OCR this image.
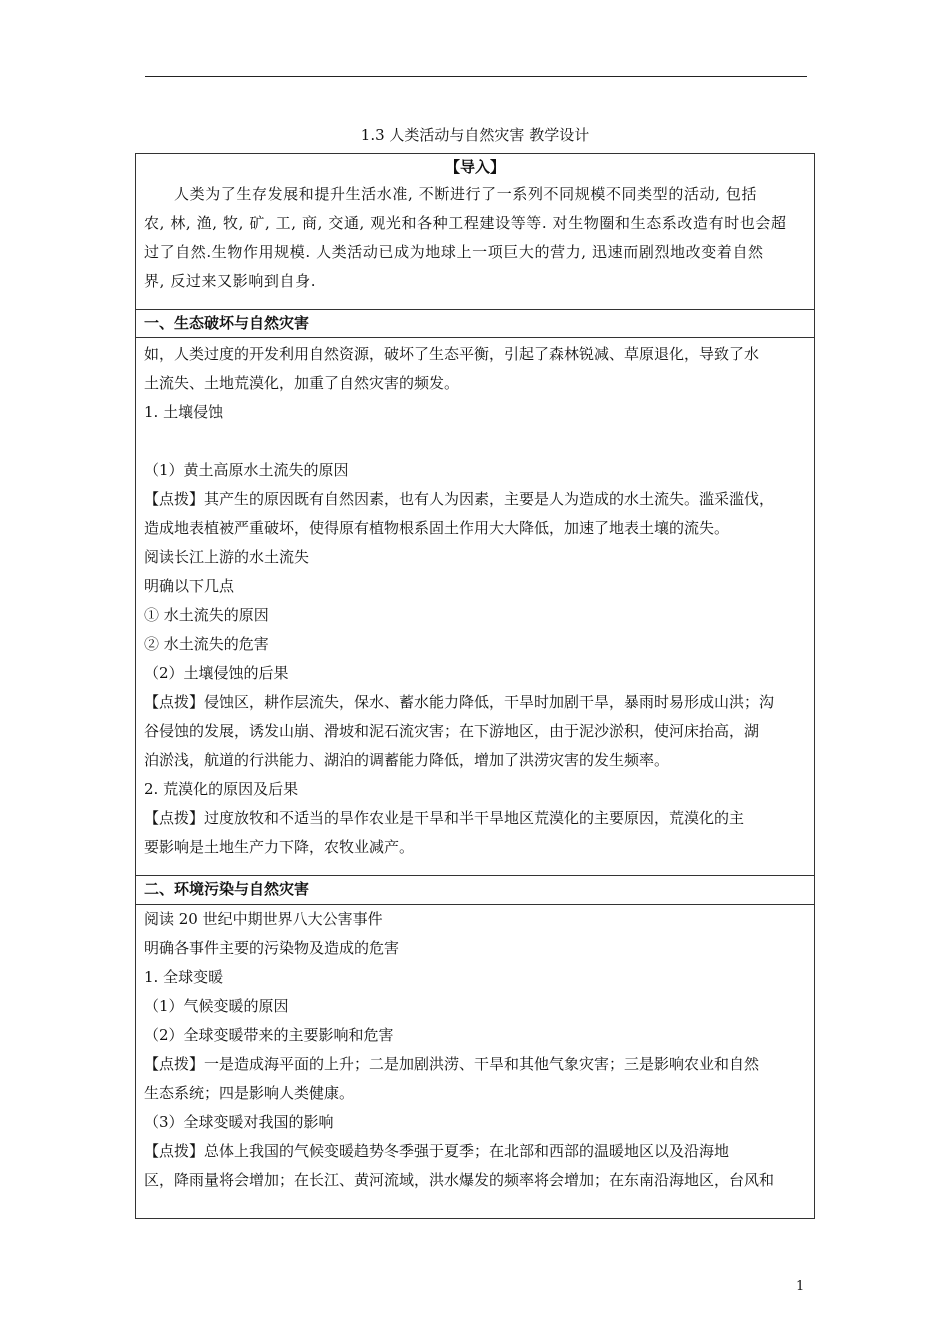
1.3 人类活动与自然灾害 教学设计
【导入】
人类为了生存发展和提升生活水准, 不断进行了一系列不同规模不同类型的活动, 包括
农, 林, 渔, 牧, 矿, 工, 商, 交通, 观光和各种工程建设等等. 对生物圈和生态系改造有时也会超
过了自然.生物作用规模. 人类活动已成为地球上一项巨大的营力, 迅速而剧烈地改变着自然
界, 反过来又影响到自身.
一、生态破坏与自然灾害
如，人类过度的开发利用自然资源，破坏了生态平衡，引起了森林锐减、草原退化，导致了水
土流失、土地荒漠化，加重了自然灾害的频发。
1. 土壤侵蚀
（1）黄土高原水土流失的原因
【点拨】其产生的原因既有自然因素，也有人为因素，主要是人为造成的水土流失。滥采滥伐，
造成地表植被严重破坏，使得原有植物根系固土作用大大降低，加速了地表土壤的流失。
阅读长江上游的水土流失
明确以下几点
① 水土流失的原因
② 水土流失的危害
（2）土壤侵蚀的后果
【点拨】侵蚀区，耕作层流失，保水、蓄水能力降低，干旱时加剧干旱，暴雨时易形成山洪；沟
谷侵蚀的发展，诱发山崩、滑坡和泥石流灾害；在下游地区，由于泥沙淤积，使河床抬高，湖
泊淤浅，航道的行洪能力、湖泊的调蓄能力降低，增加了洪涝灾害的发生频率。
2. 荒漠化的原因及后果
【点拨】过度放牧和不适当的旱作农业是干旱和半干旱地区荒漠化的主要原因，荒漠化的主
要影响是土地生产力下降，农牧业减产。
二、环境污染与自然灾害
阅读 20 世纪中期世界八大公害事件
明确各事件主要的污染物及造成的危害
1. 全球变暖
（1）气候变暖的原因
（2）全球变暖带来的主要影响和危害
【点拨】一是造成海平面的上升；二是加剧洪涝、干旱和其他气象灾害；三是影响农业和自然
生态系统；四是影响人类健康。
（3）全球变暖对我国的影响
【点拨】总体上我国的气候变暖趋势冬季强于夏季；在北部和西部的温暖地区以及沿海地
区，降雨量将会增加；在长江、黄河流域，洪水爆发的频率将会增加；在东南沿海地区，台风和
1
